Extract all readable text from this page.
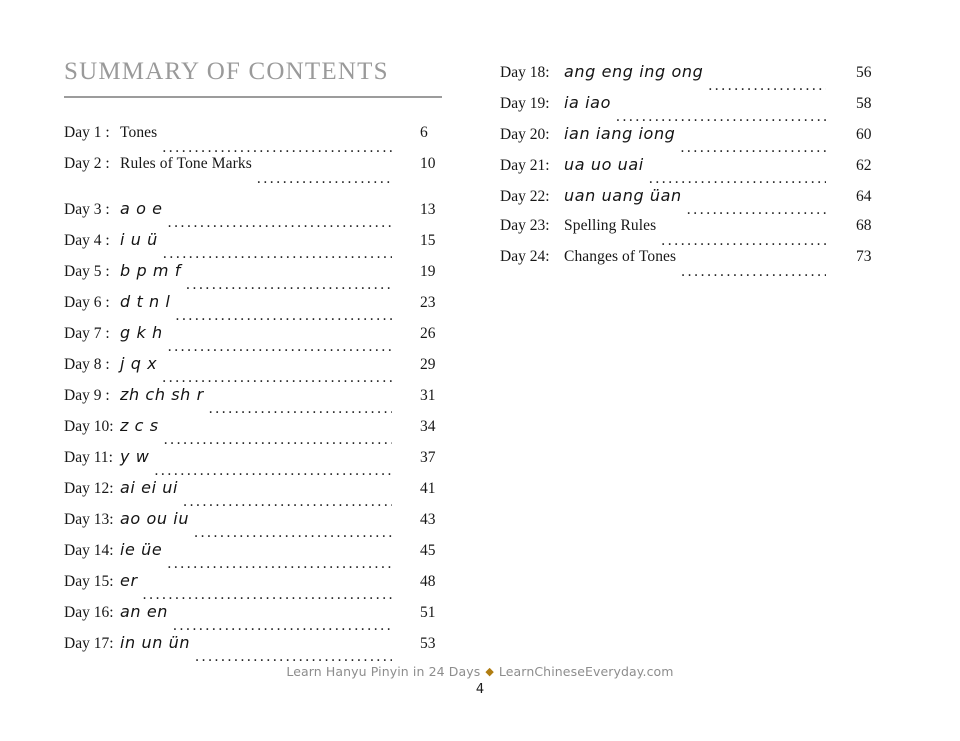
SUMMARY OF CONTENTS
Day 1 : Tones
.....	6
Day 2 : Rules of Tone Marks
.....	10
Day 3 : a o e
.....	13
Day 4 : i u ü
.....	15
Day 5 : b p m f
.....	19
Day 6 : d t n l
.....	23
Day 7 : g k h
.....	26
Day 8 : j q x
.....	29
Day 9 : zh ch sh r
.....	31
Day 10: z c s
.....	34
Day 11: y w
.....	37
Day 12: ai ei ui
.....	41
Day 13: ao ou iu
.....	43
Day 14: ie üe
.....	45
Day 15: er
.....	48
Day 16: an en
.....	51
Day 17: in un ün
.....	53
Day 18: ang eng ing ong
.....	56
Day 19: ia iao
.....	58
Day 20: ian iang iong
.....	60
Day 21: ua uo uai
.....	62
Day 22: uan uang üan
.....	64
Day 23: Spelling Rules
.....	68
Day 24: Changes of Tones
.....	73
Learn Hanyu Pinyin in 24 Days ◆ LearnChineseEveryday.com
4
